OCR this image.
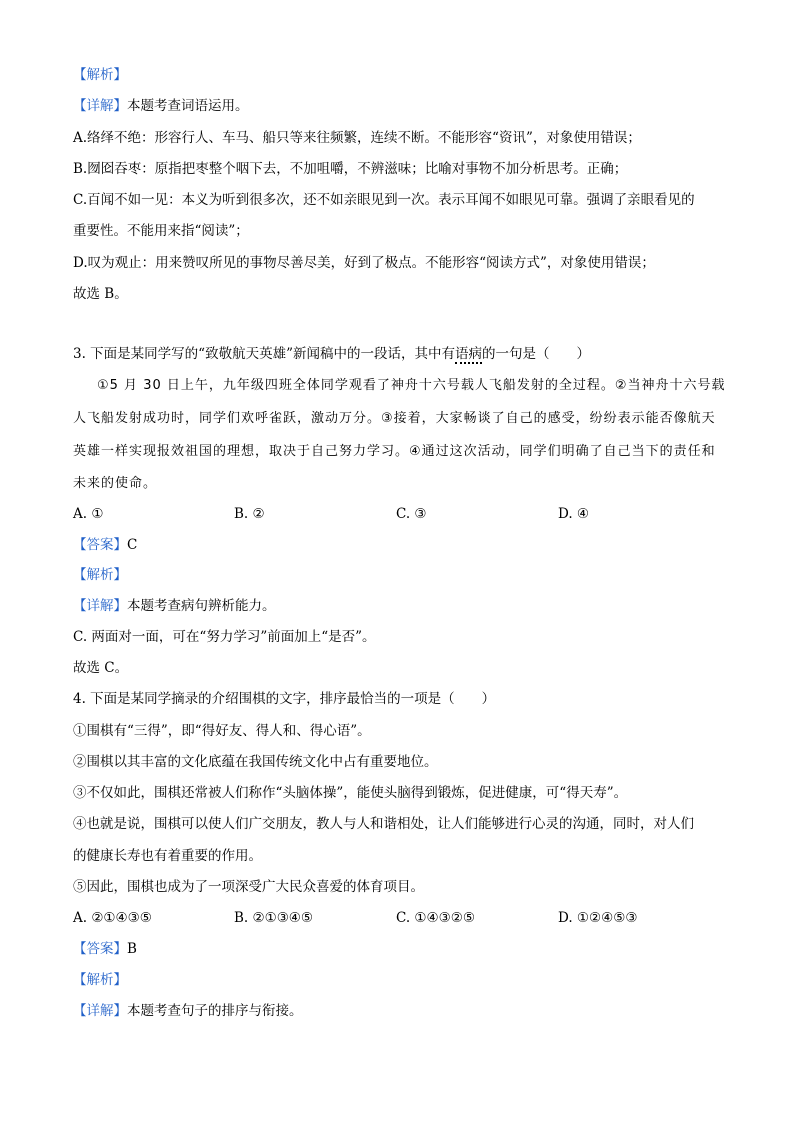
【解析】
【详解】本题考查词语运用。
A.络绎不绝：形容行人、车马、船只等来往频繁，连续不断。不能形容“资讯”，对象使用错误；
B.囫囵吞枣：原指把枣整个咽下去，不加咀嚼，不辨滋味；比喻对事物不加分析思考。正确；
C.百闻不如一见：本义为听到很多次，还不如亲眼见到一次。表示耳闻不如眼见可靠。强调了亲眼看见的
重要性。不能用来指“阅读”；
D.叹为观止：用来赞叹所见的事物尽善尽美，好到了极点。不能形容“阅读方式”，对象使用错误；
故选 B。
3. 下面是某同学写的“致敬航天英雄”新闻稿中的一段话，其中有语病的一句是（　　）
①5 月 30 日上午，九年级四班全体同学观看了神舟十六号载人飞船发射的全过程。②当神舟十六号载
人飞船发射成功时，同学们欢呼雀跃，激动万分。③接着，大家畅谈了自己的感受，纷纷表示能否像航天
英雄一样实现报效祖国的理想，取决于自己努力学习。④通过这次活动，同学们明确了自己当下的责任和
未来的使命。
A. ①	B. ②	C. ③	D. ④
【答案】C
【解析】
【详解】本题考查病句辨析能力。
C. 两面对一面，可在“努力学习”前面加上“是否”。
故选 C。
4. 下面是某同学摘录的介绍围棋的文字，排序最恰当的一项是（　　）
①围棋有“三得”，即“得好友、得人和、得心语”。
②围棋以其丰富的文化底蕴在我国传统文化中占有重要地位。
③不仅如此，围棋还常被人们称作“头脑体操”，能使头脑得到锻炼，促进健康，可“得天寿”。
④也就是说，围棋可以使人们广交朋友，教人与人和谐相处，让人们能够进行心灵的沟通，同时，对人们
的健康长寿也有着重要的作用。
⑤因此，围棋也成为了一项深受广大民众喜爱的体育项目。
A. ②①④③⑤	B. ②①③④⑤	C. ①④③②⑤	D. ①②④⑤③
【答案】B
【解析】
【详解】本题考查句子的排序与衔接。
